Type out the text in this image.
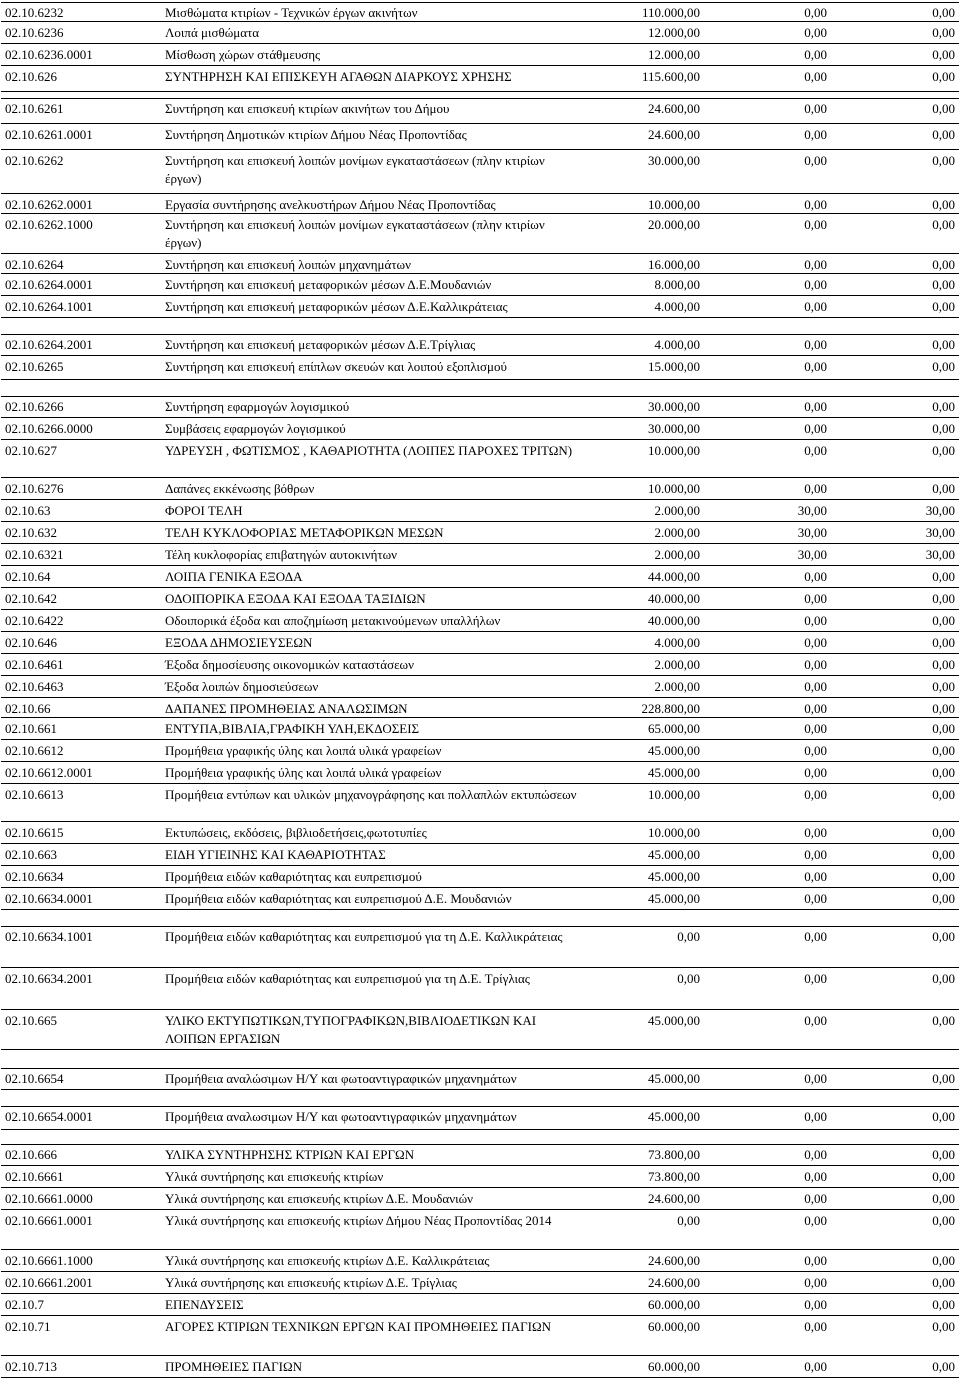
02.10.6232	Μισθώματα κτιρίων - Τεχνικών έργων ακινήτων	110.000,00	0,00	0,00
02.10.6236	Λοιπά μισθώματα	12.000,00	0,00	0,00
02.10.6236.0001	Μίσθωση χώρων στάθμευσης	12.000,00	0,00	0,00
02.10.626	ΣΥΝΤΗΡΗΣΗ ΚΑΙ ΕΠΙΣΚΕΥΗ ΑΓΑΘΩΝ ΔΙΑΡΚΟΥΣ ΧΡΗΣΗΣ	115.600,00	0,00	0,00
02.10.6261	Συντήρηση και επισκευή κτιρίων ακινήτων του Δήμου	24.600,00	0,00	0,00
02.10.6261.0001	Συντήρηση Δημοτικών κτιρίων Δήμου Νέας Προποντίδας	24.600,00	0,00	0,00
02.10.6262	Συντήρηση και επισκευή λοιπών μονίμων εγκαταστάσεων (πλην κτιρίων έργων)
30.000,00	0,00	0,00
02.10.6262.0001	Εργασία συντήρησης ανελκυστήρων Δήμου Νέας Προποντίδας	10.000,00	0,00	0,00
02.10.6262.1000	Συντήρηση και επισκευή λοιπών μονίμων εγκαταστάσεων (πλην κτιρίων έργων)
20.000,00	0,00	0,00
02.10.6264	Συντήρηση και επισκευή λοιπών μηχανημάτων	16.000,00	0,00	0,00
02.10.6264.0001	Συντήρηση και επισκευή μεταφορικών μέσων Δ.Ε.Μουδανιών	8.000,00	0,00	0,00
02.10.6264.1001	Συντήρηση και επισκευή μεταφορικών μέσων Δ.Ε.Καλλικράτειας	4.000,00	0,00	0,00
02.10.6264.2001	Συντήρηση και επισκευή μεταφορικών μέσων Δ.Ε.Τρίγλιας	4.000,00	0,00	0,00
02.10.6265	Συντήρηση και επισκευή επίπλων σκευών και λοιπού εξοπλισμού	15.000,00	0,00	0,00
02.10.6266	Συντήρηση εφαρμογών λογισμικού	30.000,00	0,00	0,00
02.10.6266.0000	Συμβάσεις εφαρμογών λογισμικού	30.000,00	0,00	0,00
02.10.627	ΥΔΡΕΥΣΗ , ΦΩΤΙΣΜΟΣ , ΚΑΘΑΡΙΟΤΗΤΑ (ΛΟΙΠΕΣ ΠΑΡΟΧΕΣ ΤΡΙΤΩΝ)	10.000,00	0,00	0,00
02.10.6276	Δαπάνες εκκένωσης βόθρων	10.000,00	0,00	0,00
02.10.63	ΦΟΡΟΙ ΤΕΛΗ	2.000,00	30,00	30,00
02.10.632	ΤΕΛΗ ΚΥΚΛΟΦΟΡΙΑΣ ΜΕΤΑΦΟΡΙΚΩΝ ΜΕΣΩΝ	2.000,00	30,00	30,00
02.10.6321	Τέλη κυκλοφορίας επιβατηγών αυτοκινήτων	2.000,00	30,00	30,00
02.10.64	ΛΟΙΠΑ ΓΕΝΙΚΑ ΕΞΟΔΑ	44.000,00	0,00	0,00
02.10.642	ΟΔΟΙΠΟΡΙΚΑ ΕΞΟΔΑ ΚΑΙ ΕΞΟΔΑ ΤΑΞΙΔΙΩΝ	40.000,00	0,00	0,00
02.10.6422	Οδοιπορικά έξοδα και αποζημίωση μετακινούμενων υπαλλήλων	40.000,00	0,00	0,00
02.10.646	ΕΞΟΔΑ ΔΗΜΟΣΙΕΥΣΕΩΝ	4.000,00	0,00	0,00
02.10.6461	Έξοδα δημοσίευσης οικονομικών καταστάσεων	2.000,00	0,00	0,00
02.10.6463	Έξοδα λοιπών δημοσιεύσεων	2.000,00	0,00	0,00
02.10.66	ΔΑΠΑΝΕΣ ΠΡΟΜΗΘΕΙΑΣ ΑΝΑΛΩΣΙΜΩΝ	228.800,00	0,00	0,00
02.10.661	ΕΝΤΥΠΑ,ΒΙΒΛΙΑ,ΓΡΑΦΙΚΗ ΥΛΗ,ΕΚΔΟΣΕΙΣ	65.000,00	0,00	0,00
02.10.6612	Προμήθεια γραφικής ύλης και λοιπά υλικά γραφείων	45.000,00	0,00	0,00
02.10.6612.0001	Προμήθεια γραφικής ύλης και λοιπά υλικά γραφείων	45.000,00	0,00	0,00
02.10.6613	Προμήθεια εντύπων και υλικών μηχανογράφησης και πολλαπλών εκτυπώσεων	10.000,00	0,00	0,00
02.10.6615	Εκτυπώσεις, εκδόσεις, βιβλιοδετήσεις,φωτοτυπίες	10.000,00	0,00	0,00
02.10.663	ΕΙΔΗ ΥΓΙΕΙΝΗΣ ΚΑΙ ΚΑΘΑΡΙΟΤΗΤΑΣ	45.000,00	0,00	0,00
02.10.6634	Προμήθεια ειδών καθαριότητας και ευπρεπισμού	45.000,00	0,00	0,00
02.10.6634.0001	Προμήθεια ειδών καθαριότητας και ευπρεπισμού Δ.Ε. Μουδανιών	45.000,00	0,00	0,00
02.10.6634.1001	Προμήθεια ειδών καθαριότητας και ευπρεπισμού για τη Δ.Ε. Καλλικράτειας	0,00	0,00	0,00
02.10.6634.2001	Προμήθεια ειδών καθαριότητας και ευπρεπισμού για τη Δ.Ε. Τρίγλιας	0,00	0,00	0,00
02.10.665	ΥΛΙΚΟ ΕΚΤΥΠΩΤΙΚΩΝ,ΤΥΠΟΓΡΑΦΙΚΩΝ,ΒΙΒΛΙΟΔΕΤΙΚΩΝ ΚΑΙ ΛΟΙΠΩΝ ΕΡΓΑΣΙΩΝ
45.000,00	0,00	0,00
02.10.6654	Προμήθεια αναλώσιμων Η/Υ και φωτοαντιγραφικών μηχανημάτων	45.000,00	0,00	0,00
02.10.6654.0001	Προμήθεια αναλωσιμων Η/Υ και φωτοαντιγραφικών μηχανημάτων	45.000,00	0,00	0,00
02.10.666	ΥΛΙΚΑ ΣΥΝΤΗΡΗΣΗΣ ΚΤΡΙΩΝ ΚΑΙ ΕΡΓΩΝ	73.800,00	0,00	0,00
02.10.6661	Υλικά συντήρησης και επισκευής κτιρίων	73.800,00	0,00	0,00
02.10.6661.0000	Υλικά συντήρησης και επισκευής κτιρίων Δ.Ε. Μουδανιών	24.600,00	0,00	0,00
02.10.6661.0001	Υλικά συντήρησης και επισκευής κτιρίων Δήμου Νέας Προποντίδας 2014	0,00	0,00	0,00
02.10.6661.1000	Υλικά συντήρησης και επισκευής κτιρίων Δ.Ε. Καλλικράτειας	24.600,00	0,00	0,00
02.10.6661.2001	Υλικά συντήρησης και επισκευής κτιρίων Δ.Ε. Τρίγλιας	24.600,00	0,00	0,00
02.10.7	ΕΠΕΝΔΥΣΕΙΣ	60.000,00	0,00	0,00
02.10.71	ΑΓΟΡΕΣ ΚΤΙΡΙΩΝ ΤΕΧΝΙΚΩΝ ΕΡΓΩΝ ΚΑΙ ΠΡΟΜΗΘΕΙΕΣ ΠΑΓΙΩΝ	60.000,00	0,00	0,00
02.10.713	ΠΡΟΜΗΘΕΙΕΣ ΠΑΓΙΩΝ	60.000,00	0,00	0,00
